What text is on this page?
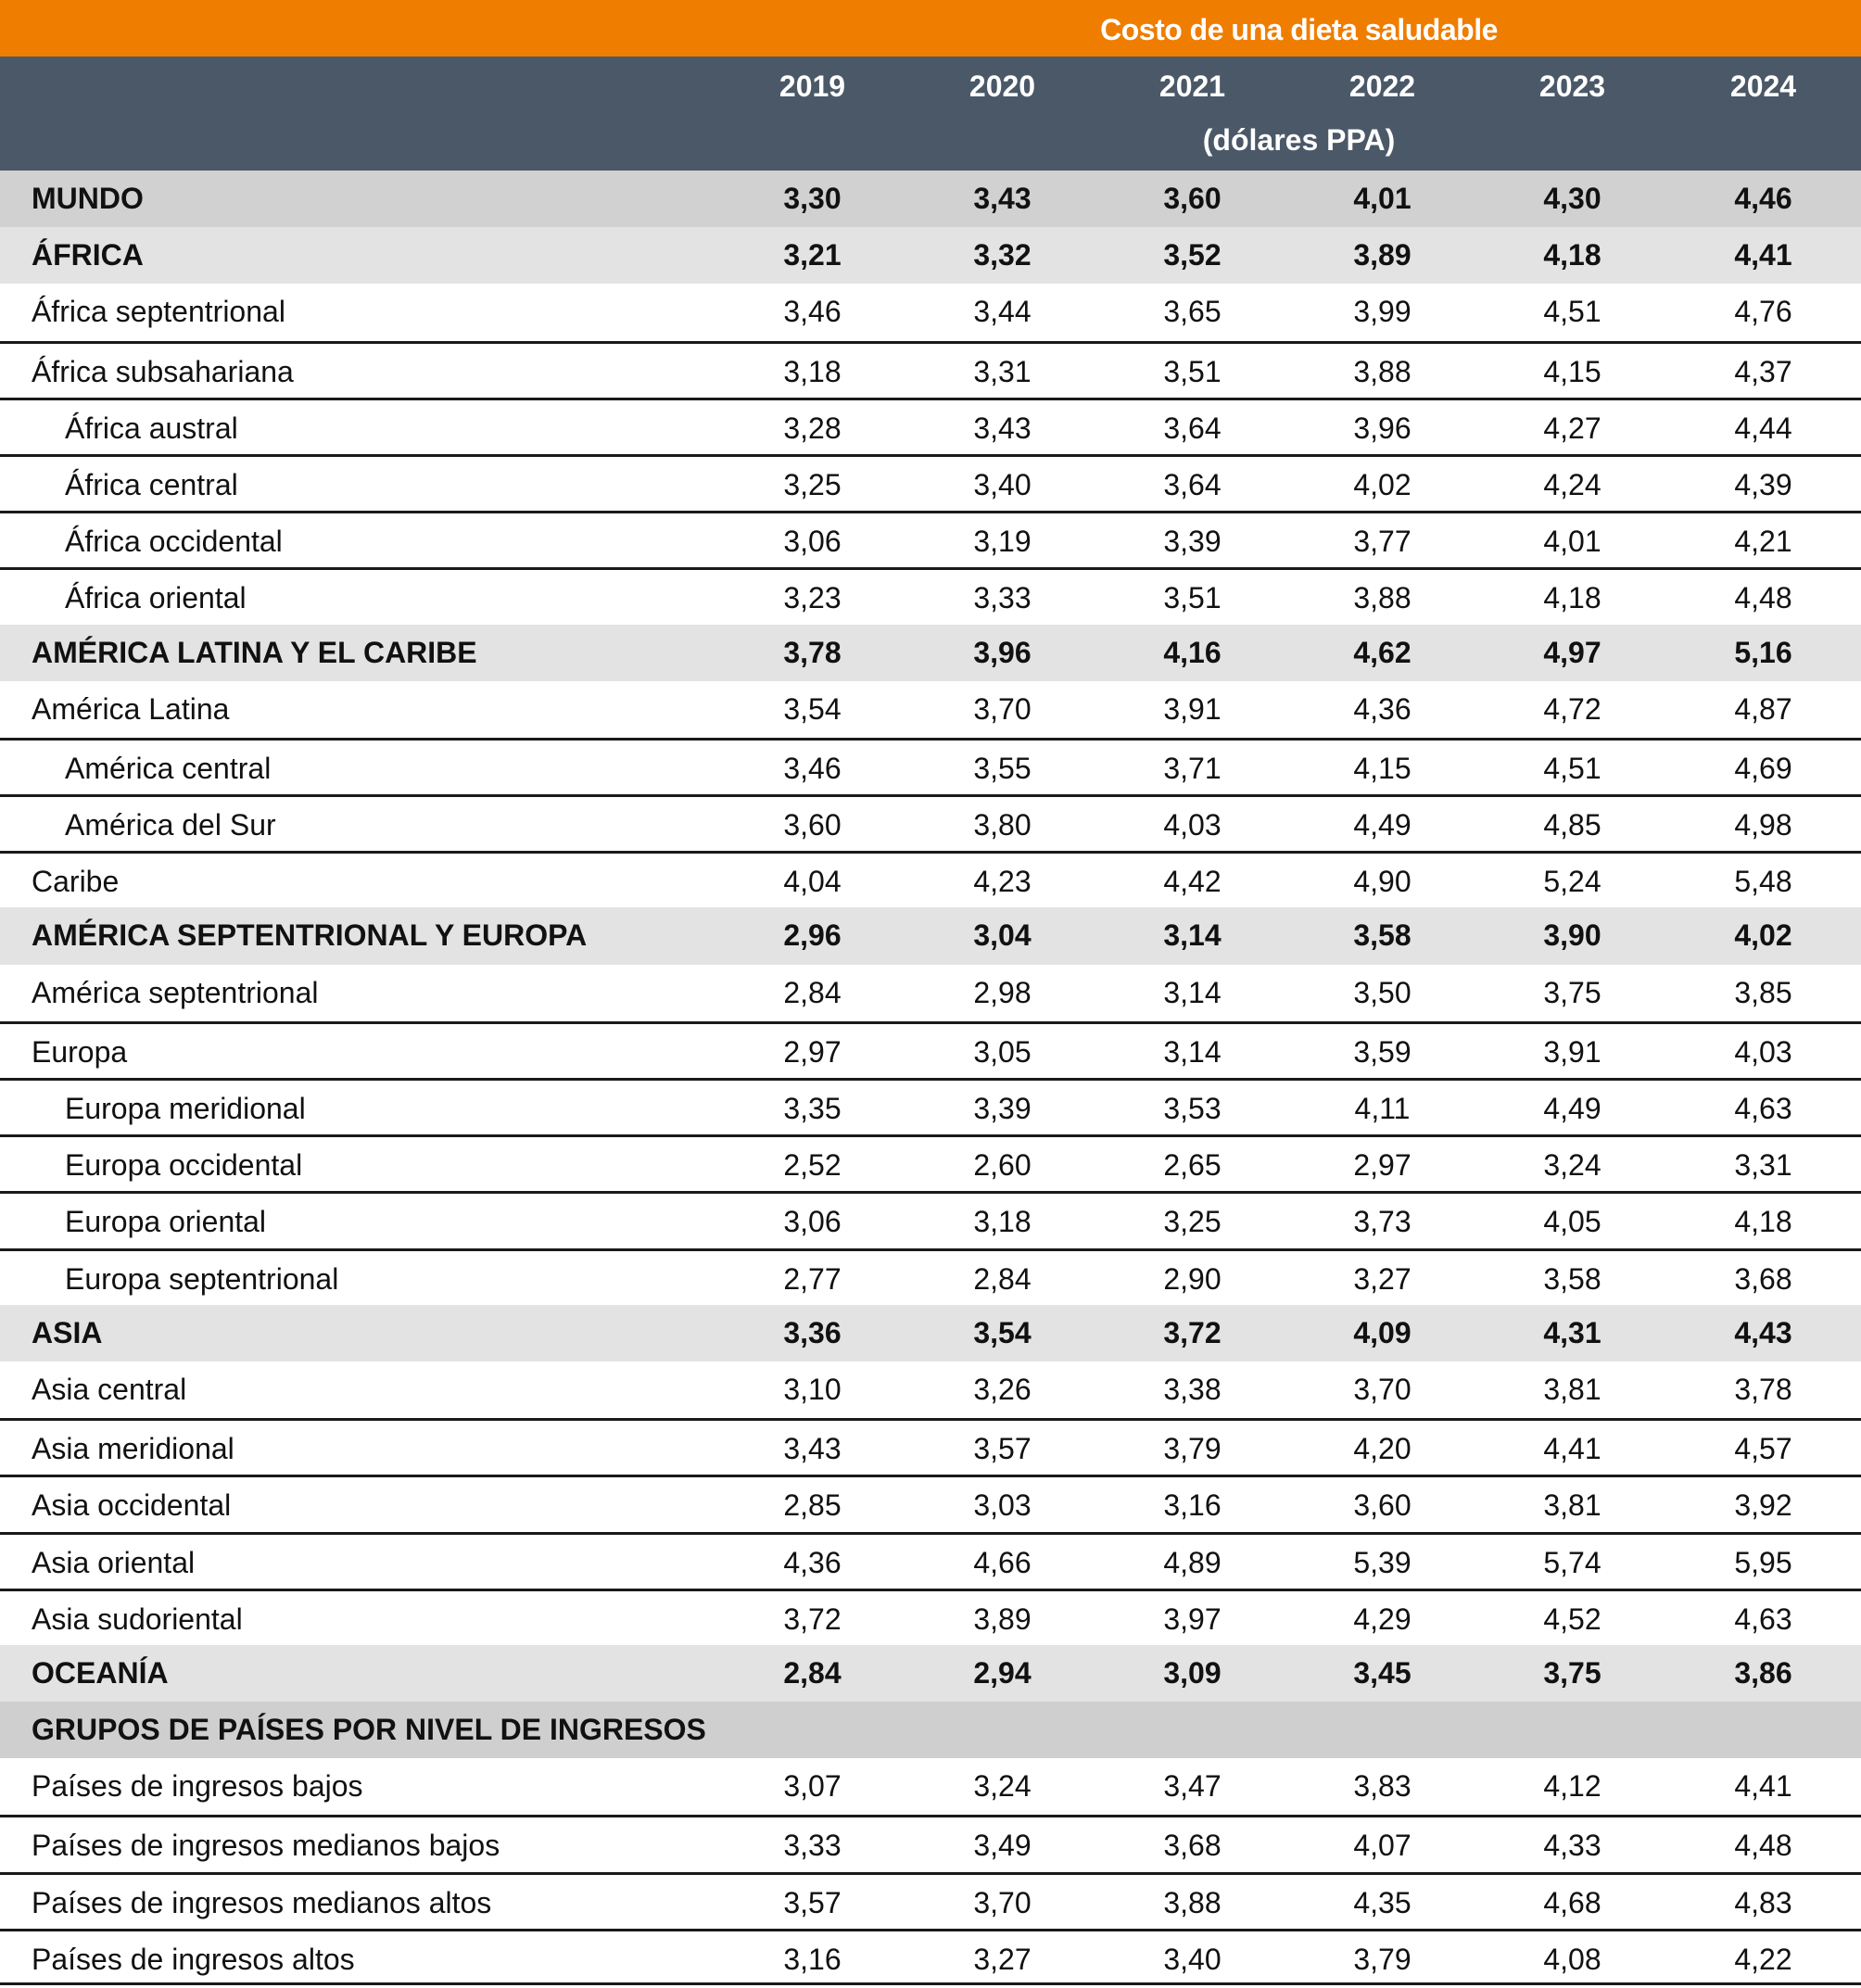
Costo de una dieta saludable
2019	2020	2021	2022	2023	2024
(dólares PPA)
MUNDO	3,30	3,43	3,60	4,01	4,30	4,46
ÁFRICA	3,21	3,32	3,52	3,89	4,18	4,41
África septentrional	3,46	3,44	3,65	3,99	4,51	4,76
África subsahariana	3,18	3,31	3,51	3,88	4,15	4,37
África austral	3,28	3,43	3,64	3,96	4,27	4,44
África central	3,25	3,40	3,64	4,02	4,24	4,39
África occidental	3,06	3,19	3,39	3,77	4,01	4,21
África oriental	3,23	3,33	3,51	3,88	4,18	4,48
AMÉRICA LATINA Y EL CARIBE	3,78	3,96	4,16	4,62	4,97	5,16
América Latina	3,54	3,70	3,91	4,36	4,72	4,87
América central	3,46	3,55	3,71	4,15	4,51	4,69
América del Sur	3,60	3,80	4,03	4,49	4,85	4,98
Caribe	4,04	4,23	4,42	4,90	5,24	5,48
AMÉRICA SEPTENTRIONAL Y EUROPA	2,96	3,04	3,14	3,58	3,90	4,02
América septentrional	2,84	2,98	3,14	3,50	3,75	3,85
Europa	2,97	3,05	3,14	3,59	3,91	4,03
Europa meridional	3,35	3,39	3,53	4,11	4,49	4,63
Europa occidental	2,52	2,60	2,65	2,97	3,24	3,31
Europa oriental	3,06	3,18	3,25	3,73	4,05	4,18
Europa septentrional	2,77	2,84	2,90	3,27	3,58	3,68
ASIA	3,36	3,54	3,72	4,09	4,31	4,43
Asia central	3,10	3,26	3,38	3,70	3,81	3,78
Asia meridional	3,43	3,57	3,79	4,20	4,41	4,57
Asia occidental	2,85	3,03	3,16	3,60	3,81	3,92
Asia oriental	4,36	4,66	4,89	5,39	5,74	5,95
Asia sudoriental	3,72	3,89	3,97	4,29	4,52	4,63
OCEANÍA	2,84	2,94	3,09	3,45	3,75	3,86
GRUPOS DE PAÍSES POR NIVEL DE INGRESOS
Países de ingresos bajos	3,07	3,24	3,47	3,83	4,12	4,41
Países de ingresos medianos bajos	3,33	3,49	3,68	4,07	4,33	4,48
Países de ingresos medianos altos	3,57	3,70	3,88	4,35	4,68	4,83
Países de ingresos altos	3,16	3,27	3,40	3,79	4,08	4,22
